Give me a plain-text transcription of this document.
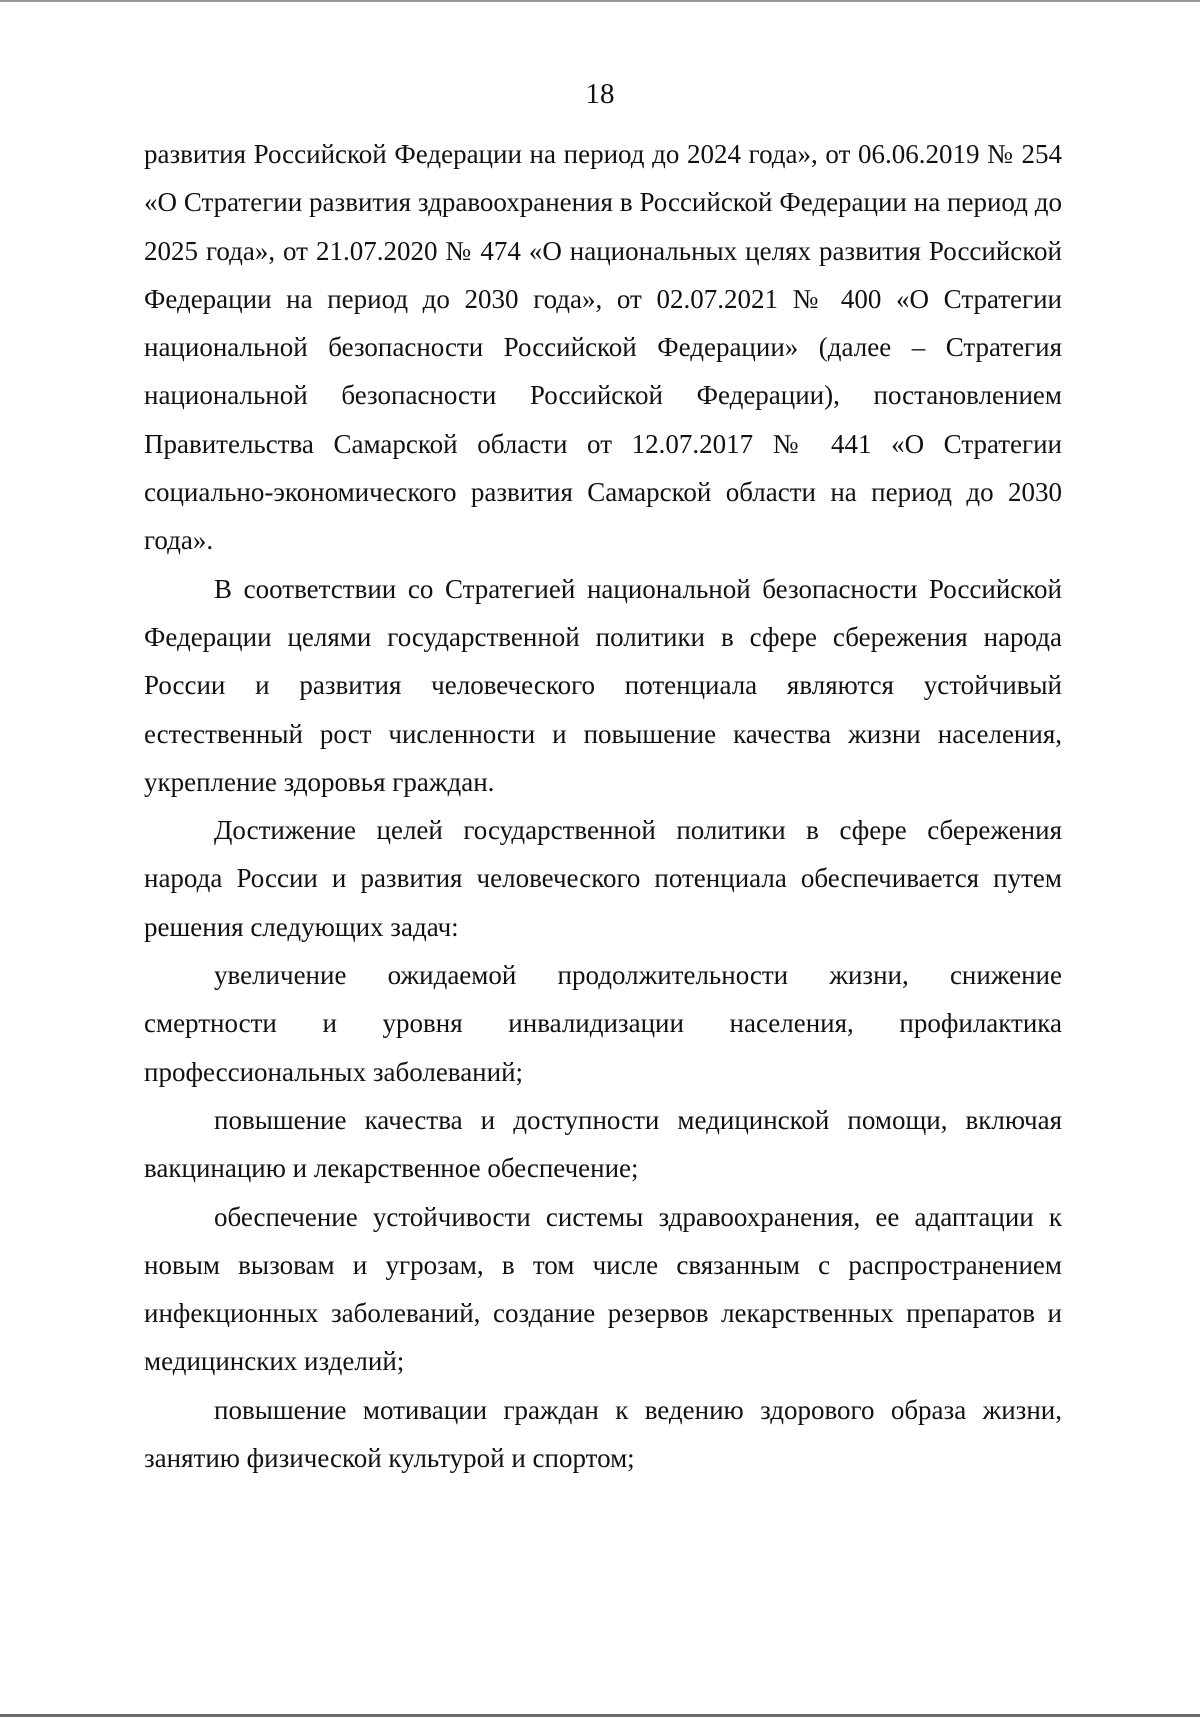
18

развития Российской Федерации на период до 2024 года», от 06.06.2019 № 254 «О Стратегии развития здравоохранения в Российской Федерации на период до 2025 года», от 21.07.2020 № 474 «О национальных целях развития Российской Федерации на период до 2030 года», от 02.07.2021 № 400 «О Стратегии национальной безопасности Российской Федерации» (далее – Стратегия национальной безопасности Российской Федерации), постановлением Правительства Самарской области от 12.07.2017 № 441 «О Стратегии социально-экономического развития Самарской области на период до 2030 года».

В соответствии со Стратегией национальной безопасности Российской Федерации целями государственной политики в сфере сбережения народа России и развития человеческого потенциала являются устойчивый естественный рост численности и повышение качества жизни населения, укрепление здоровья граждан.

Достижение целей государственной политики в сфере сбережения народа России и развития человеческого потенциала обеспечивается путем решения следующих задач:

увеличение ожидаемой продолжительности жизни, снижение смертности и уровня инвалидизации населения, профилактика профессиональных заболеваний;

повышение качества и доступности медицинской помощи, включая вакцинацию и лекарственное обеспечение;

обеспечение устойчивости системы здравоохранения, ее адаптации к новым вызовам и угрозам, в том числе связанным с распространением инфекционных заболеваний, создание резервов лекарственных препаратов и медицинских изделий;

повышение мотивации граждан к ведению здорового образа жизни, занятию физической культурой и спортом;
